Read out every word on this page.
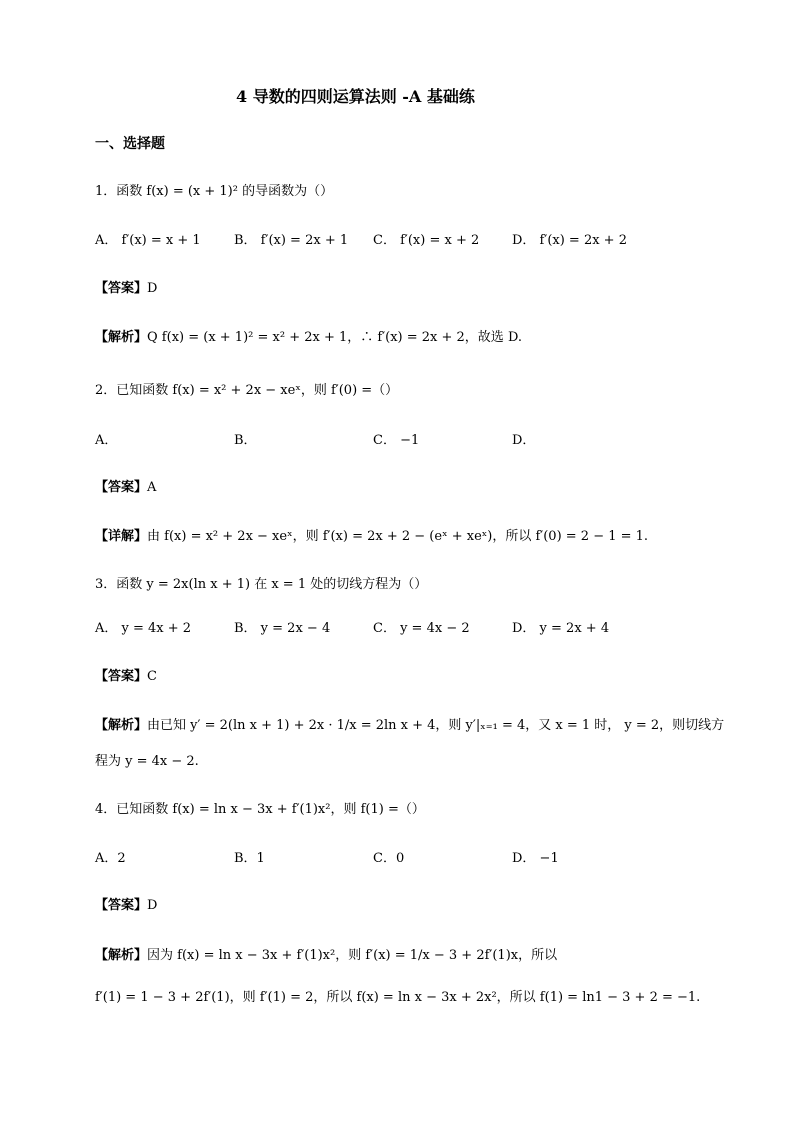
4 导数的四则运算法则 -A 基础练
一、选择题
1．函数 f(x) = (x + 1)² 的导函数为（）
A． f′(x) = x + 1	B． f′(x) = 2x + 1 C． f′(x) = x + 2	D． f′(x) = 2x + 2
【答案】D
【解析】Q f(x) = (x + 1)² = x² + 2x + 1，∴ f′(x) = 2x + 2，故选 D.
2．已知函数 f(x) = x² + 2x − xeˣ，则 f′(0) =（）
A．	B．	C． −1	D．
【答案】A
【详解】由 f(x) = x² + 2x − xeˣ，则 f′(x) = 2x + 2 − (eˣ + xeˣ)，所以 f′(0) = 2 − 1 = 1.
3．函数 y = 2x(ln x + 1) 在 x = 1 处的切线方程为（）
A． y = 4x + 2	B． y = 2x − 4	C． y = 4x − 2	D． y = 2x + 4
【答案】C
【解析】由已知 y′ = 2(ln x + 1) + 2x · 1/x = 2ln x + 4，则 y′|ₓ₌₁ = 4，又 x = 1 时， y = 2，则切线方
程为 y = 4x − 2.
4．已知函数 f(x) = ln x − 3x + f′(1)x²，则 f(1) =（）
A．2	B．1	C．0	D． −1
【答案】D
【解析】因为 f(x) = ln x − 3x + f′(1)x²，则 f′(x) = 1/x − 3 + 2f′(1)x，所以
f′(1) = 1 − 3 + 2f′(1)，则 f′(1) = 2，所以 f(x) = ln x − 3x + 2x²，所以 f(1) = ln1 − 3 + 2 = −1.
